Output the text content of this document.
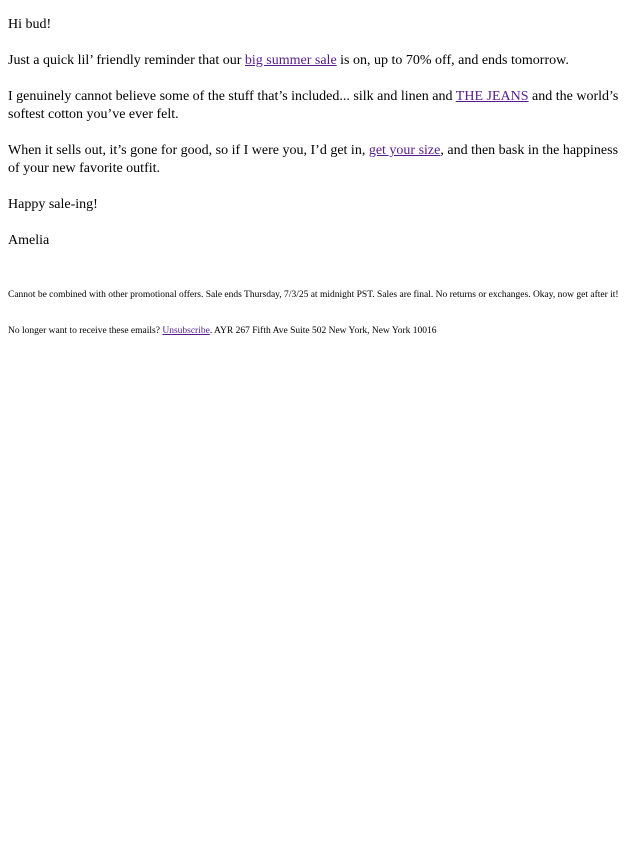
Hi bud!

Just a quick lil’ friendly reminder that our big summer sale is on, up to 70% off, and ends tomorrow.

I genuinely cannot believe some of the stuff that’s included... silk and linen and THE JEANS and the world’s softest cotton you’ve ever felt.

When it sells out, it’s gone for good, so if I were you, I’d get in, get your size, and then bask in the happiness of your new favorite outfit.

Happy sale-ing!

Amelia

Cannot be combined with other promotional offers. Sale ends Thursday, 7/3/25 at midnight PST. Sales are final. No returns or exchanges. Okay, now get after it!

No longer want to receive these emails? Unsubscribe. AYR 267 Fifth Ave Suite 502 New York, New York 10016
